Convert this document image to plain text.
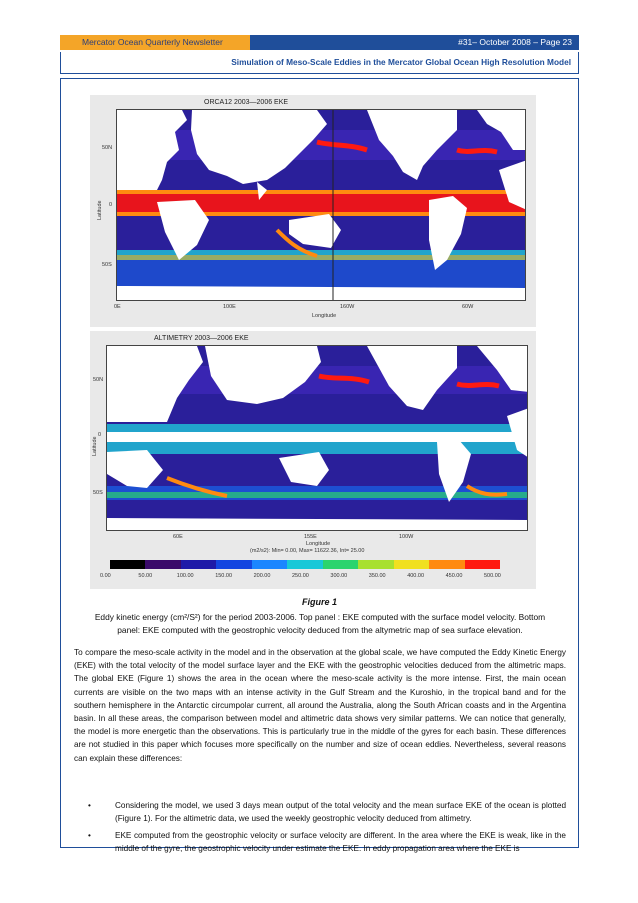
Mercator Ocean Quarterly Newsletter	#31– October 2008 – Page 23
Simulation of Meso-Scale Eddies in the Mercator Global Ocean High Resolution Model
ORCA12 2003—2006 EKE
Latitude
50N
0
50S
0E	100E	160W	60W
Longitude
ALTIMETRY 2003—2006 EKE
Latitude
50N
0
50S
60E	155E	100W
Longitude
(m2/s2): Min= 0.00, Max= 11622.36, Int= 25.00
0.00	50.00	100.00	150.00	200.00	250.00	300.00	350.00	400.00	450.00	500.00
Figure 1
Eddy kinetic energy (cm²/S²) for the period 2003-2006. Top panel : EKE computed with the surface model velocity. Bottom panel: EKE computed with the geostrophic velocity deduced from the altymetric map of sea surface elevation.
To compare the meso-scale activity in the model and in the observation at the global scale, we have computed the Eddy Kinetic Energy (EKE) with the total velocity of the model surface layer and the EKE with the geostrophic velocities deduced from the altimetric maps. The global EKE (Figure 1) shows the area in the ocean where the meso-scale activity is the more intense. First, the main ocean currents are visible on the two maps with an intense activity in the Gulf Stream and the Kuroshio, in the tropical band and for the southern hemisphere in the Antarctic circumpolar current, all around the Australia, along the South African coasts and in the Argentina basin. In all these areas, the comparison between model and altimetric data shows very similar patterns. We can notice that generally, the model is more energetic than the observations. This is particularly true in the middle of the gyres for each basin. These differences are not studied in this paper which focuses more specifically on the number and size of ocean eddies. Nevertheless, several reasons can explain these differences:
•	Considering the model, we used 3 days mean output of the total velocity and the mean surface EKE of the ocean is plotted (Figure 1). For the altimetric data, we used the weekly geostrophic velocity deduced from altimetry.
•	EKE computed from the geostrophic velocity or surface velocity are different. In the area where the EKE is weak, like in the middle of the gyre, the geostrophic velocity under estimate the EKE. In eddy propagation area where the EKE is
